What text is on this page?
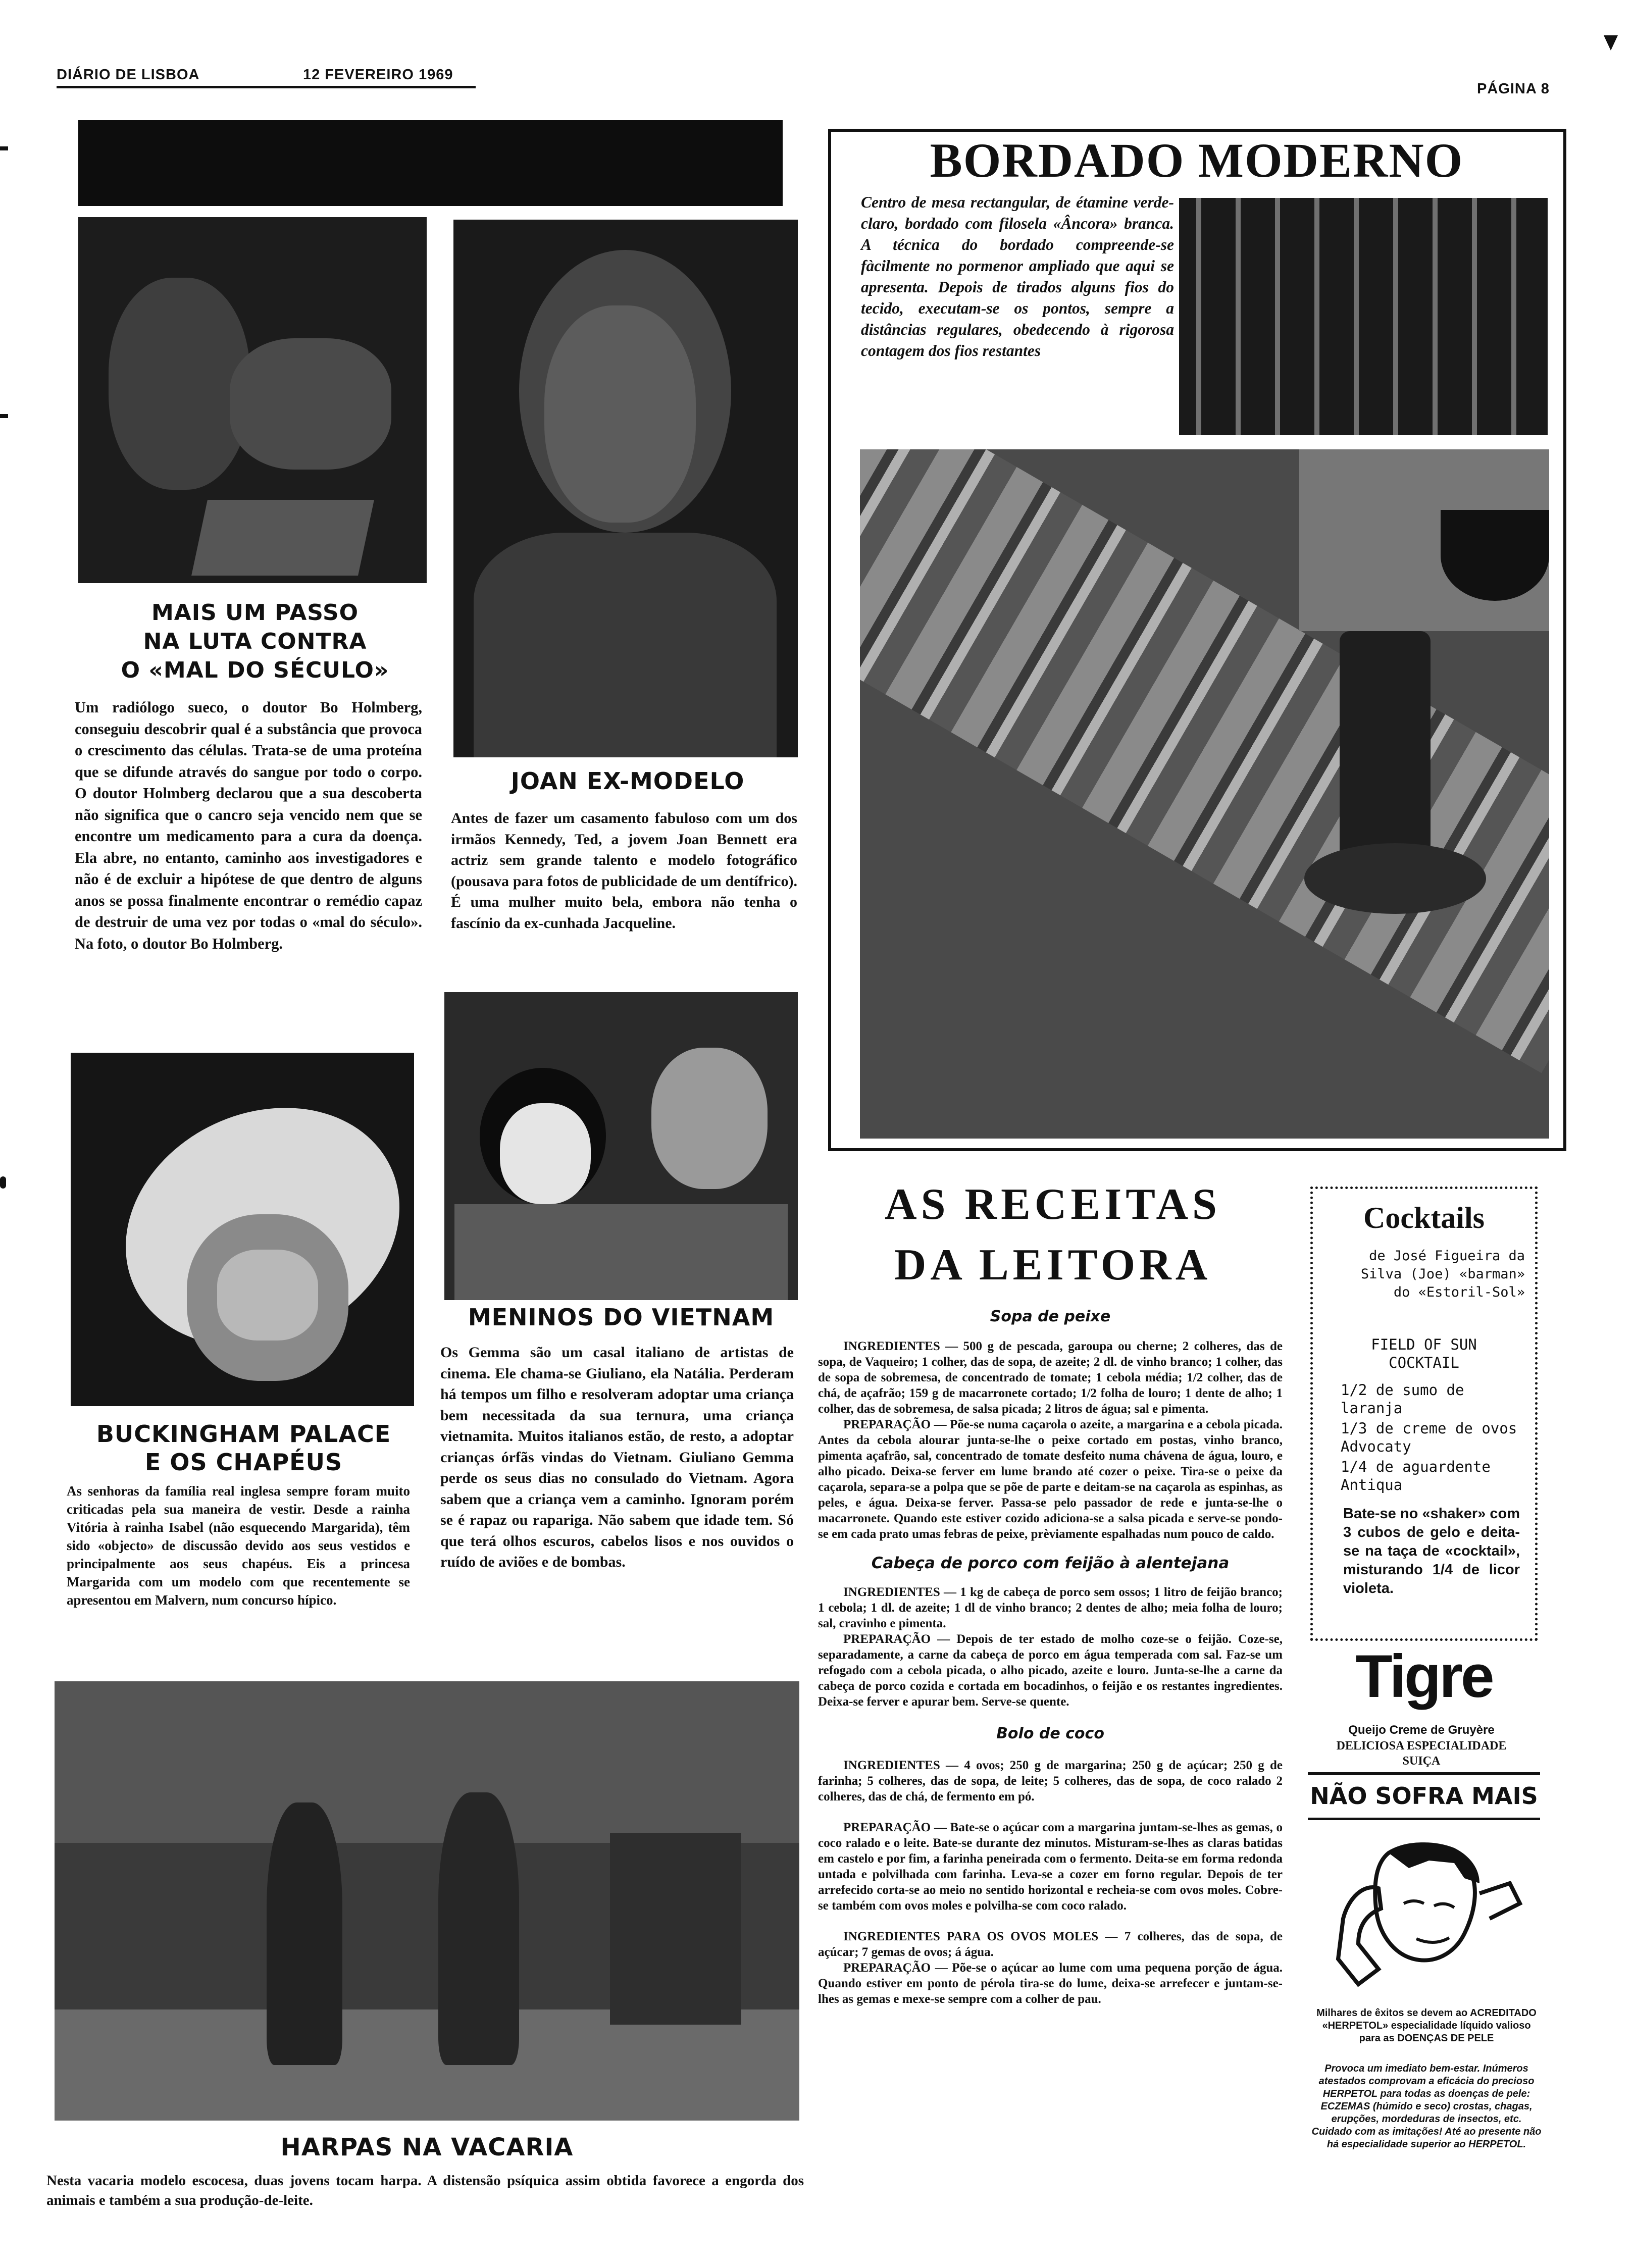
DIÁRIO DE LISBOA	12 FEVEREIRO 1969
PÁGINA 8
MAIS UM PASSO
NA LUTA CONTRA
O «MAL DO SÉCULO»
Um radiólogo sueco, o doutor Bo Holmberg, conseguiu descobrir qual é a substância que provoca o crescimento das células. Trata-se de uma proteína que se difunde através do sangue por todo o corpo. O doutor Holmberg declarou que a sua descoberta não significa que o cancro seja vencido nem que se encontre um medicamento para a cura da doença. Ela abre, no entanto, caminho aos investigadores e não é de excluir a hipótese de que dentro de alguns anos se possa finalmente encontrar o remédio capaz de destruir de uma vez por todas o «mal do século». Na foto, o doutor Bo Holmberg.
JOAN EX-MODELO
Antes de fazer um casamento fabuloso com um dos irmãos Kennedy, Ted, a jovem Joan Bennett era actriz sem grande talento e modelo fotográfico (pousava para fotos de publicidade de um dentífrico). É uma mulher muito bela, embora não tenha o fascínio da ex-cunhada Jacqueline.
BUCKINGHAM PALACE
E OS CHAPÉUS
As senhoras da família real inglesa sempre foram muito criticadas pela sua maneira de vestir. Desde a rainha Vitória à rainha Isabel (não esquecendo Margarida), têm sido «objecto» de discussão devido aos seus vestidos e principalmente aos seus chapéus. Eis a princesa Margarida com um modelo com que recentemente se apresentou em Malvern, num concurso hípico.
MENINOS DO VIETNAM
Os Gemma são um casal italiano de artistas de cinema. Ele chama-se Giuliano, ela Natália. Perderam há tempos um filho e resolveram adoptar uma criança bem necessitada da sua ternura, uma criança vietnamita. Muitos italianos estão, de resto, a adoptar crianças órfãs vindas do Vietnam. Giuliano Gemma perde os seus dias no consulado do Vietnam. Agora sabem que a criança vem a caminho. Ignoram porém se é rapaz ou rapariga. Não sabem que idade tem. Só que terá olhos escuros, cabelos lisos e nos ouvidos o ruído de aviões e de bombas.
HARPAS NA VACARIA
Nesta vacaria modelo escocesa, duas jovens tocam harpa. A distensão psíquica assim obtida favorece a engorda dos animais e também a sua produção-de-leite.
BORDADO MODERNO
Centro de mesa rectangular, de étamine verde-claro, bordado com filosela «Âncora» branca. A técnica do bordado compreende-se fàcilmente no pormenor ampliado que aqui se apresenta. Depois de tirados alguns fios do tecido, executam-se os pontos, sempre a distâncias regulares, obedecendo à rigorosa contagem dos fios restantes
AS RECEITAS
DA LEITORA
Sopa de peixe

INGREDIENTES — 500 g de pescada, garoupa ou cherne; 2 colheres, das de sopa, de Vaqueiro; 1 colher, das de sopa, de azeite; 2 dl. de vinho branco; 1 colher, das de sopa de sobremesa, de concentrado de tomate; 1 cebola média; 1/2 colher, das de chá, de açafrão; 159 g de macarronete cortado; 1/2 folha de louro; 1 dente de alho; 1 colher, das de sobremesa, de salsa picada; 2 litros de água; sal e pimenta.

PREPARAÇÃO — Põe-se numa caçarola o azeite, a margarina e a cebola picada. Antes da cebola alourar junta-se-lhe o peixe cortado em postas, vinho branco, pimenta açafrão, sal, concentrado de tomate desfeito numa chávena de água, louro, e alho picado. Deixa-se ferver em lume brando até cozer o peixe. Tira-se o peixe da caçarola, separa-se a polpa que se põe de parte e deitam-se na caçarola as espinhas, as peles, e água. Deixa-se ferver. Passa-se pelo passador de rede e junta-se-lhe o macarronete. Quando este estiver cozido adiciona-se a salsa picada e serve-se pondo-se em cada prato umas febras de peixe, prèviamente espalhadas num pouco de caldo.

Cabeça de porco com feijão à alentejana

INGREDIENTES — 1 kg de cabeça de porco sem ossos; 1 litro de feijão branco; 1 cebola; 1 dl. de azeite; 1 dl de vinho branco; 2 dentes de alho; meia folha de louro; sal, cravinho e pimenta.

PREPARAÇÃO — Depois de ter estado de molho coze-se o feijão. Coze-se, separadamente, a carne da cabeça de porco em água temperada com sal. Faz-se um refogado com a cebola picada, o alho picado, azeite e louro. Junta-se-lhe a carne da cabeça de porco cozida e cortada em bocadinhos, o feijão e os restantes ingredientes. Deixa-se ferver e apurar bem. Serve-se quente.

Bolo de coco

INGREDIENTES — 4 ovos; 250 g de margarina; 250 g de açúcar; 250 g de farinha; 5 colheres, das de sopa, de leite; 5 colheres, das de sopa, de coco ralado 2 colheres, das de chá, de fermento em pó.

PREPARAÇÃO — Bate-se o açúcar com a margarina juntam-se-lhes as gemas, o coco ralado e o leite. Bate-se durante dez minutos. Misturam-se-lhes as claras batidas em castelo e por fim, a farinha peneirada com o fermento. Deita-se em forma redonda untada e polvilhada com farinha. Leva-se a cozer em forno regular. Depois de ter arrefecido corta-se ao meio no sentido horizontal e recheia-se com ovos moles. Cobre-se também com ovos moles e polvilha-se com coco ralado.

INGREDIENTES PARA OS OVOS MOLES — 7 colheres, das de sopa, de açúcar; 7 gemas de ovos; á água.

PREPARAÇÃO — Põe-se o açúcar ao lume com uma pequena porção de água. Quando estiver em ponto de pérola tira-se do lume, deixa-se arrefecer e juntam-se-lhes as gemas e mexe-se sempre com a colher de pau.

Cocktails
de José Figueira da Silva (Joe) «barman» do «Estoril-Sol»
FIELD OF SUN
COCKTAIL
1/2 de sumo de laranja
1/3 de creme de ovos Advocaty
1/4 de aguardente Antiqua
Bate-se no «shaker» com 3 cubos de gelo e deita-se na taça de «cocktail», misturando 1/4 de licor violeta.
Tigre
Queijo Creme de Gruyère
DELICIOSA ESPECIALIDADE
SUIÇA
NÃO SOFRA MAIS
Milhares de êxitos se devem ao ACREDITADO «HERPETOL» especialidade líquido valioso para as DOENÇAS DE PELE
Provoca um imediato bem-estar. Inúmeros atestados comprovam a eficácia do precioso HERPETOL para todas as doenças de pele: ECZEMAS (húmido e seco) crostas, chagas, erupções, mordeduras de insectos, etc. Cuidado com as imitações! Até ao presente não há especialidade superior ao HERPETOL.
